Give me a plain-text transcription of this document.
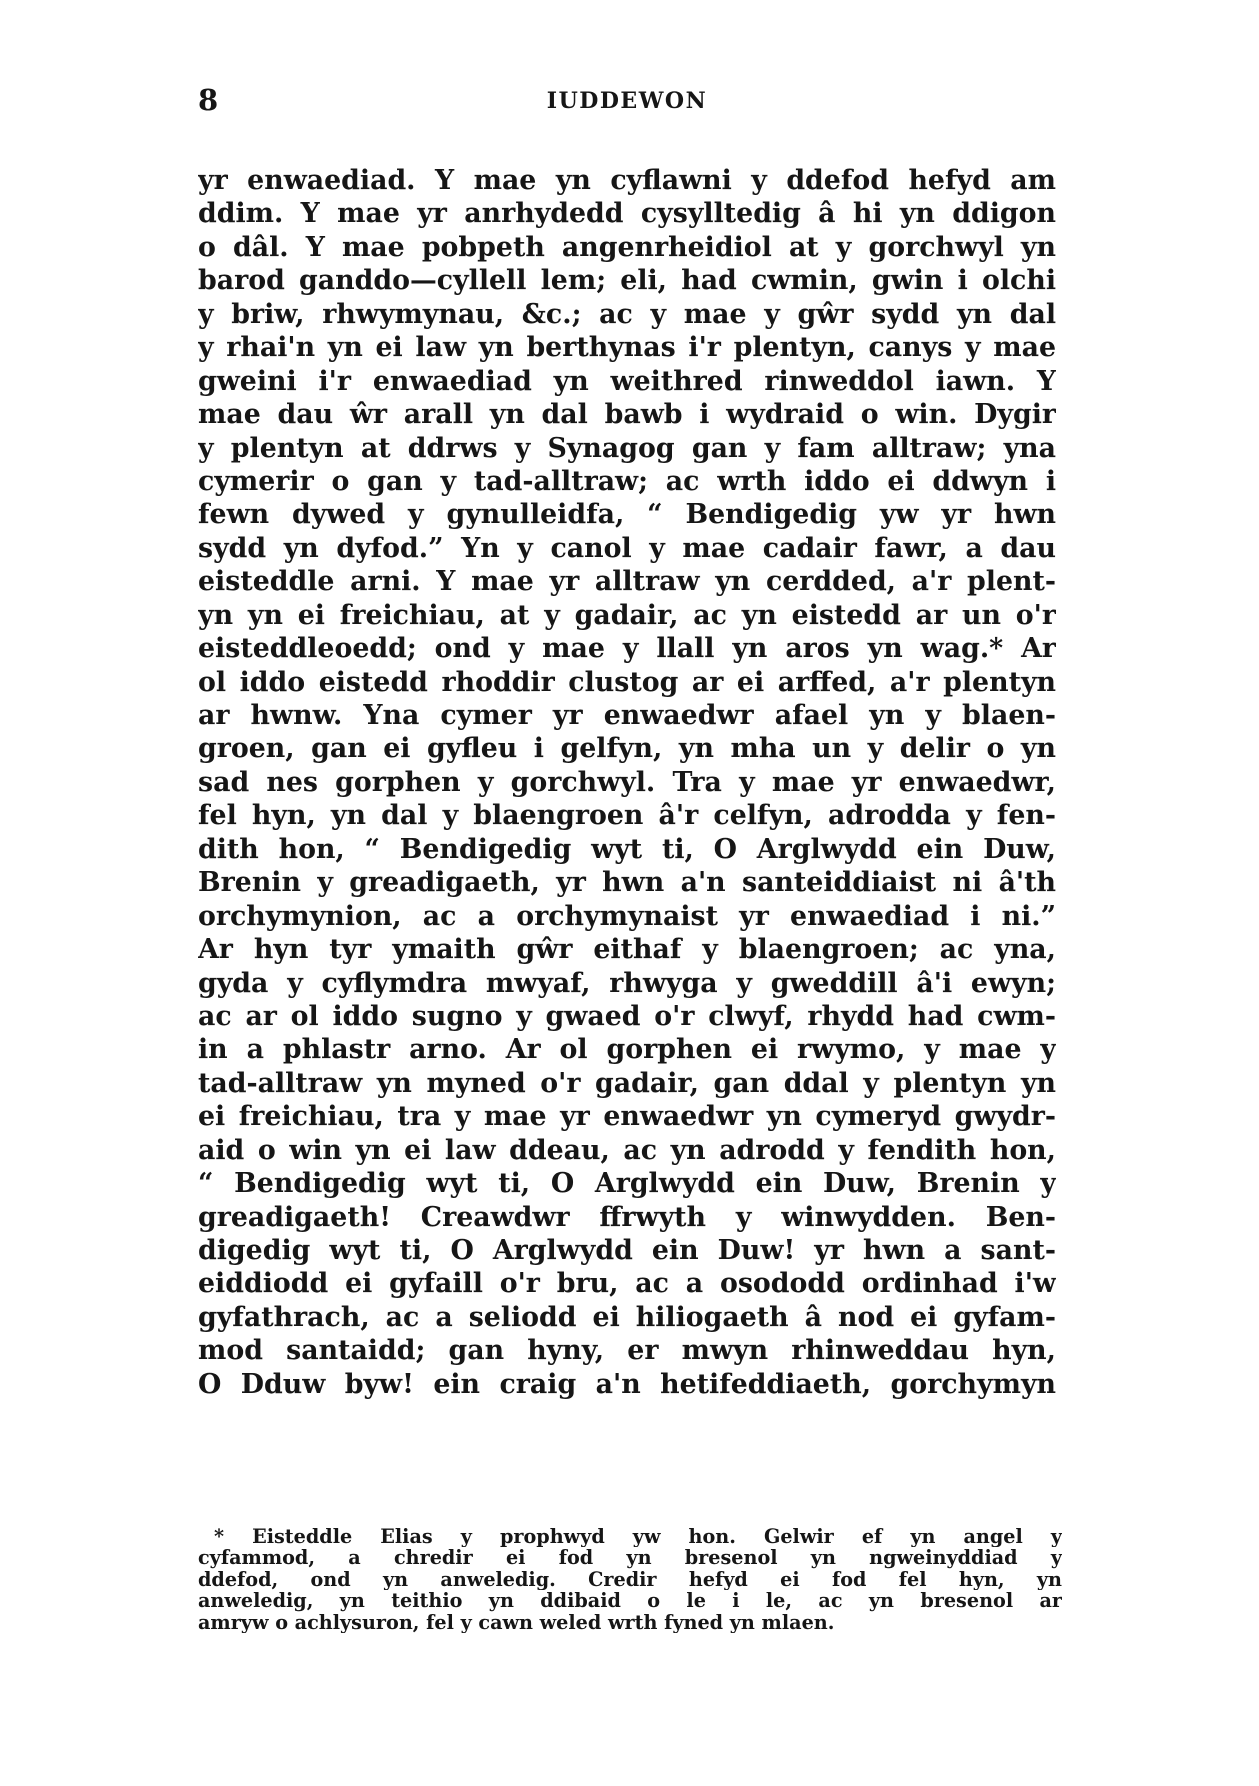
8	IUDDEWON
yr enwaediad. Y mae yn cyflawni y ddefod hefyd am
ddim. Y mae yr anrhydedd cysylltedig â hi yn ddigon
o dâl. Y mae pobpeth angenrheidiol at y gorchwyl yn
barod ganddo—cyllell lem; eli, had cwmin, gwin i olchi
y briw, rhwymynau, &c.; ac y mae y gŵr sydd yn dal
y rhai'n yn ei law yn berthynas i'r plentyn, canys y mae
gweini i'r enwaediad yn weithred rinweddol iawn. Y
mae dau ŵr arall yn dal bawb i wydraid o win. Dygir
y plentyn at ddrws y Synagog gan y fam alltraw; yna
cymerir o gan y tad-alltraw; ac wrth iddo ei ddwyn i
fewn dywed y gynulleidfa, “ Bendigedig yw yr hwn
sydd yn dyfod.” Yn y canol y mae cadair fawr, a dau
eisteddle arni. Y mae yr alltraw yn cerdded, a'r plent-
yn yn ei freichiau, at y gadair, ac yn eistedd ar un o'r
eisteddleoedd; ond y mae y llall yn aros yn wag.* Ar
ol iddo eistedd rhoddir clustog ar ei arffed, a'r plentyn
ar hwnw. Yna cymer yr enwaedwr afael yn y blaen-
groen, gan ei gyfleu i gelfyn, yn mha un y delir o yn
sad nes gorphen y gorchwyl. Tra y mae yr enwaedwr,
fel hyn, yn dal y blaengroen â'r celfyn, adrodda y fen-
dith hon, “ Bendigedig wyt ti, O Arglwydd ein Duw,
Brenin y greadigaeth, yr hwn a'n santeiddiaist ni â'th
orchymynion, ac a orchymynaist yr enwaediad i ni.”
Ar hyn tyr ymaith gŵr eithaf y blaengroen; ac yna,
gyda y cyflymdra mwyaf, rhwyga y gweddill â'i ewyn;
ac ar ol iddo sugno y gwaed o'r clwyf, rhydd had cwm-
in a phlastr arno. Ar ol gorphen ei rwymo, y mae y
tad-alltraw yn myned o'r gadair, gan ddal y plentyn yn
ei freichiau, tra y mae yr enwaedwr yn cymeryd gwydr-
aid o win yn ei law ddeau, ac yn adrodd y fendith hon,
“ Bendigedig wyt ti, O Arglwydd ein Duw, Brenin y
greadigaeth! Creawdwr ffrwyth y winwydden. Ben-
digedig wyt ti, O Arglwydd ein Duw! yr hwn a sant-
eiddiodd ei gyfaill o'r bru, ac a osododd ordinhad i'w
gyfathrach, ac a seliodd ei hiliogaeth â nod ei gyfam-
mod santaidd; gan hyny, er mwyn rhinweddau hyn,
O Dduw byw! ein craig a'n hetifeddiaeth, gorchymyn
* Eisteddle Elias y prophwyd yw hon. Gelwir ef yn angel y
cyfammod, a chredir ei fod yn bresenol yn ngweinyddiad y
ddefod, ond yn anweledig. Credir hefyd ei fod fel hyn, yn
anweledig, yn teithio yn ddibaid o le i le, ac yn bresenol ar
amryw o achlysuron, fel y cawn weled wrth fyned yn mlaen.
